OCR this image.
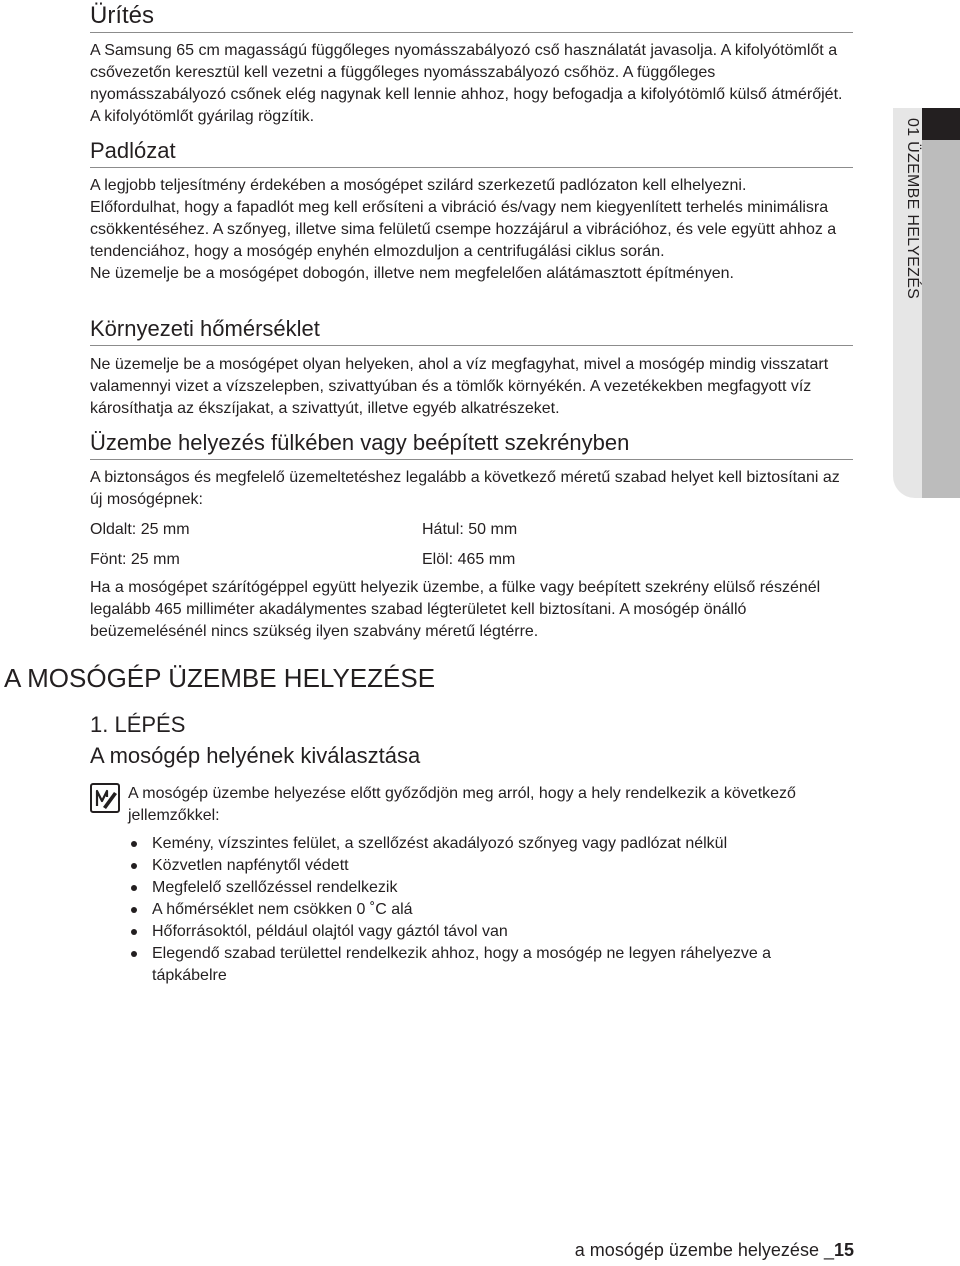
01 ÜZEMBE HELYEZÉS
Ürítés

A Samsung 65 cm magasságú függőleges nyomásszabályozó cső használatát javasolja. A kifolyótömlőt a csővezetőn keresztül kell vezetni a függőleges nyomásszabályozó csőhöz. A függőleges nyomásszabályozó csőnek elég nagynak kell lennie ahhoz, hogy befogadja a kifolyótömlő külső átmérőjét. A kifolyótömlőt gyárilag rögzítik.

Padlózat

A legjobb teljesítmény érdekében a mosógépet szilárd szerkezetű padlózaton kell elhelyezni.

Előfordulhat, hogy a fapadlót meg kell erősíteni a vibráció és/vagy nem kiegyenlített terhelés minimálisra csökkentéséhez. A szőnyeg, illetve sima felületű csempe hozzájárul a vibrációhoz, és vele együtt ahhoz a tendenciához, hogy a mosógép enyhén elmozduljon a centrifugálási ciklus során.

Ne üzemelje be a mosógépet dobogón, illetve nem megfelelően alátámasztott építményen.

Környezeti hőmérséklet

Ne üzemelje be a mosógépet olyan helyeken, ahol a víz megfagyhat, mivel a mosógép mindig visszatart valamennyi vizet a vízszelepben, szivattyúban és a tömlők környékén. A vezetékekben megfagyott víz károsíthatja az ékszíjakat, a szivattyút, illetve egyéb alkatrészeket.

Üzembe helyezés fülkében vagy beépített szekrényben

A biztonságos és megfelelő üzemeltetéshez legalább a következő méretű szabad helyet kell biztosítani az új mosógépnek:

Oldalt: 25 mm	Hátul: 50 mm
Fönt: 25 mm	Elöl: 465 mm

Ha a mosógépet szárítógéppel együtt helyezik üzembe, a fülke vagy beépített szekrény elülső részénél legalább 465 milliméter akadálymentes szabad légterületet kell biztosítani. A mosógép önálló beüzemelésénél nincs szükség ilyen szabvány méretű légtérre.

A MOSÓGÉP ÜZEMBE HELYEZÉSE
1. LÉPÉS
A mosógép helyének kiválasztása

A mosógép üzembe helyezése előtt győződjön meg arról, hogy a hely rendelkezik a következő jellemzőkkel:

Kemény, vízszintes felület, a szellőzést akadályozó szőnyeg vagy padlózat nélkül
Közvetlen napfénytől védett
Megfelelő szellőzéssel rendelkezik
A hőmérséklet nem csökken 0 ˚C alá
Hőforrásoktól, például olajtól vagy gáztól távol van
Elegendő szabad területtel rendelkezik ahhoz, hogy a mosógép ne legyen ráhelyezve a tápkábelre
a mosógép üzembe helyezése _15
